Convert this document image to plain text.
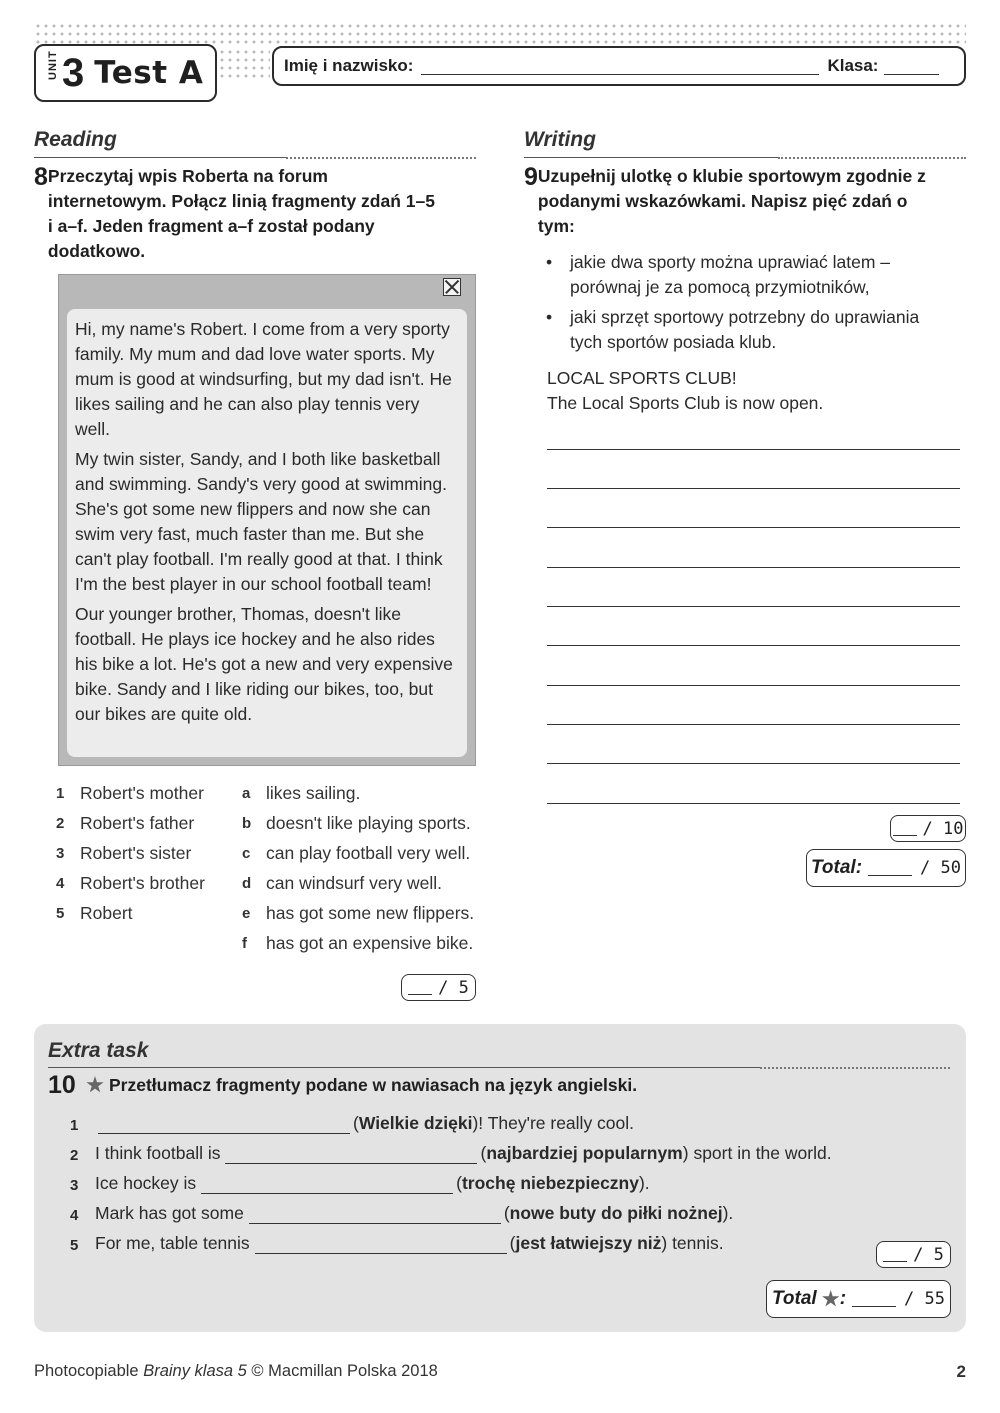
UNIT 3 Test A	Imię i nazwisko:	Klasa:
Reading
8 Przeczytaj wpis Roberta na forum internetowym. Połącz linią fragmenty zdań 1–5 i a–f. Jeden fragment a–f został podany dodatkowo.

Hi, my name's Robert. I come from a very sporty family. My mum and dad love water sports. My mum is good at windsurfing, but my dad isn't. He likes sailing and he can also play tennis very well.

My twin sister, Sandy, and I both like basketball and swimming. Sandy's very good at swimming. She's got some new flippers and now she can swim very fast, much faster than me. But she can't play football. I'm really good at that. I think I'm the best player in our school football team!

Our younger brother, Thomas, doesn't like football. He plays ice hockey and he also rides his bike a lot. He's got a new and very expensive bike. Sandy and I like riding our bikes, too, but our bikes are quite old.

1 Robert's mother
2 Robert's father
3 Robert's sister
4 Robert's brother
5 Robert
a likes sailing.
b doesn't like playing sports.
c can play football very well.
d can windsurf very well.
e has got some new flippers.
f	has got an expensive bike.
/ 5
Writing
9 Uzupełnij ulotkę o klubie sportowym zgodnie z podanymi wskazówkami. Napisz pięć zdań o tym:
• jakie dwa sporty można uprawiać latem – porównaj je za pomocą przymiotników,
• jaki sprzęt sportowy potrzebny do uprawiania tych sportów posiada klub.
LOCAL SPORTS CLUB!
The Local Sports Club is now open.
/ 10
Total:	/ 50
Extra task
10	Przetłumacz fragmenty podane w nawiasach na język angielski.
1	( Wielkie dzięki )! They're really cool.
2 I think football is	( najbardziej popularnym ) sport in the world.
3 Ice hockey is	( trochę niebezpieczny ).
4 Mark has got some	( nowe buty do piłki nożnej ).
5 For me, table tennis	( jest łatwiejszy niż ) tennis.
/ 5
Total :	/ 55
Photocopiable Brainy klasa 5 © Macmillan Polska 2018	2
